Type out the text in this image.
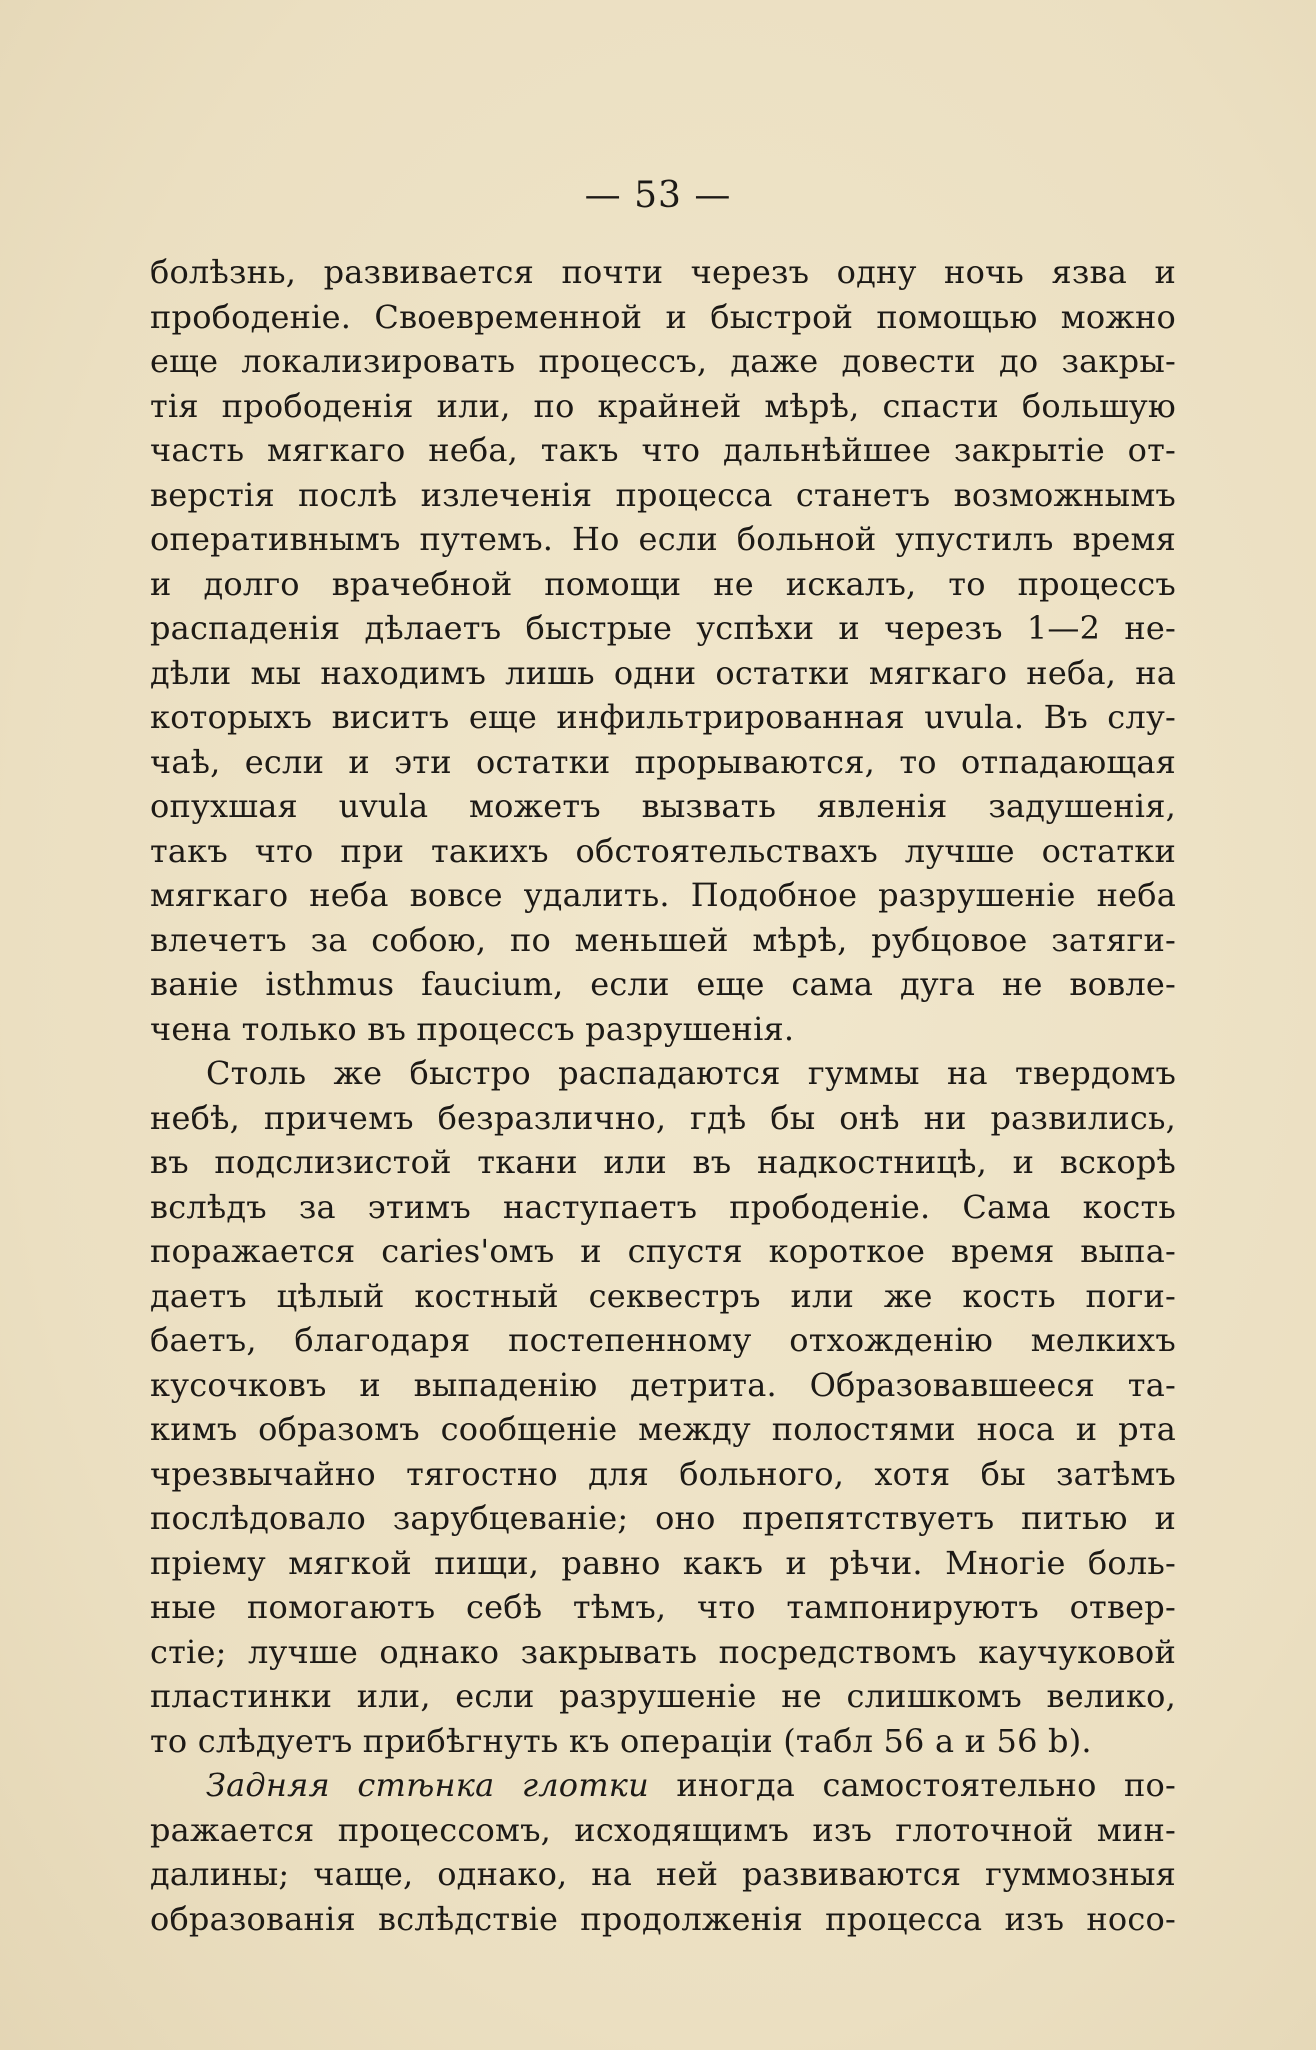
— 53 —
болѣзнь, развивается почти черезъ одну ночь язва и
прободеніе. Своевременной и быстрой помощью можно
еще локализировать процессъ, даже довести до закры-
тія прободенія или, по крайней мѣрѣ, спасти большую
часть мягкаго неба, такъ что дальнѣйшее закрытіе от-
верстія послѣ излеченія процесса станетъ возможнымъ
оперативнымъ путемъ. Но если больной упустилъ время
и долго врачебной помощи не искалъ, то процессъ
распаденія дѣлаетъ быстрые успѣхи и черезъ 1—2 не-
дѣли мы находимъ лишь одни остатки мягкаго неба, на
которыхъ виситъ еще инфильтрированная uvula. Въ слу-
чаѣ, если и эти остатки прорываются, то отпадающая
опухшая uvula можетъ вызвать явленія задушенія,
такъ что при такихъ обстоятельствахъ лучше остатки
мягкаго неба вовсе удалить. Подобное разрушеніе неба
влечетъ за собою, по меньшей мѣрѣ, рубцовое затяги-
ваніе isthmus faucium, если еще сама дуга не вовле-
чена только въ процессъ разрушенія.
Столь же быстро распадаются гуммы на твердомъ
небѣ, причемъ безразлично, гдѣ бы онѣ ни развились,
въ подслизистой ткани или въ надкостницѣ, и вскорѣ
вслѣдъ за этимъ наступаетъ прободеніе. Сама кость
поражается caries'омъ и спустя короткое время выпа-
даетъ цѣлый костный секвестръ или же кость поги-
баетъ, благодаря постепенному отхожденію мелкихъ
кусочковъ и выпаденію детрита. Образовавшееся та-
кимъ образомъ сообщеніе между полостями носа и рта
чрезвычайно тягостно для больного, хотя бы затѣмъ
послѣдовало зарубцеваніе; оно препятствуетъ питью и
пріему мягкой пищи, равно какъ и рѣчи. Многіе боль-
ные помогаютъ себѣ тѣмъ, что тампонируютъ отвер-
стіе; лучше однако закрывать посредствомъ каучуковой
пластинки или, если разрушеніе не слишкомъ велико,
то слѣдуетъ прибѣгнуть къ операціи (табл 56 а и 56 b).
Задняя стѣнка глотки иногда самостоятельно по-
ражается процессомъ, исходящимъ изъ глоточной мин-
далины; чаще, однако, на ней развиваются гуммозныя
образованія вслѣдствіе продолженія процесса изъ носо-
